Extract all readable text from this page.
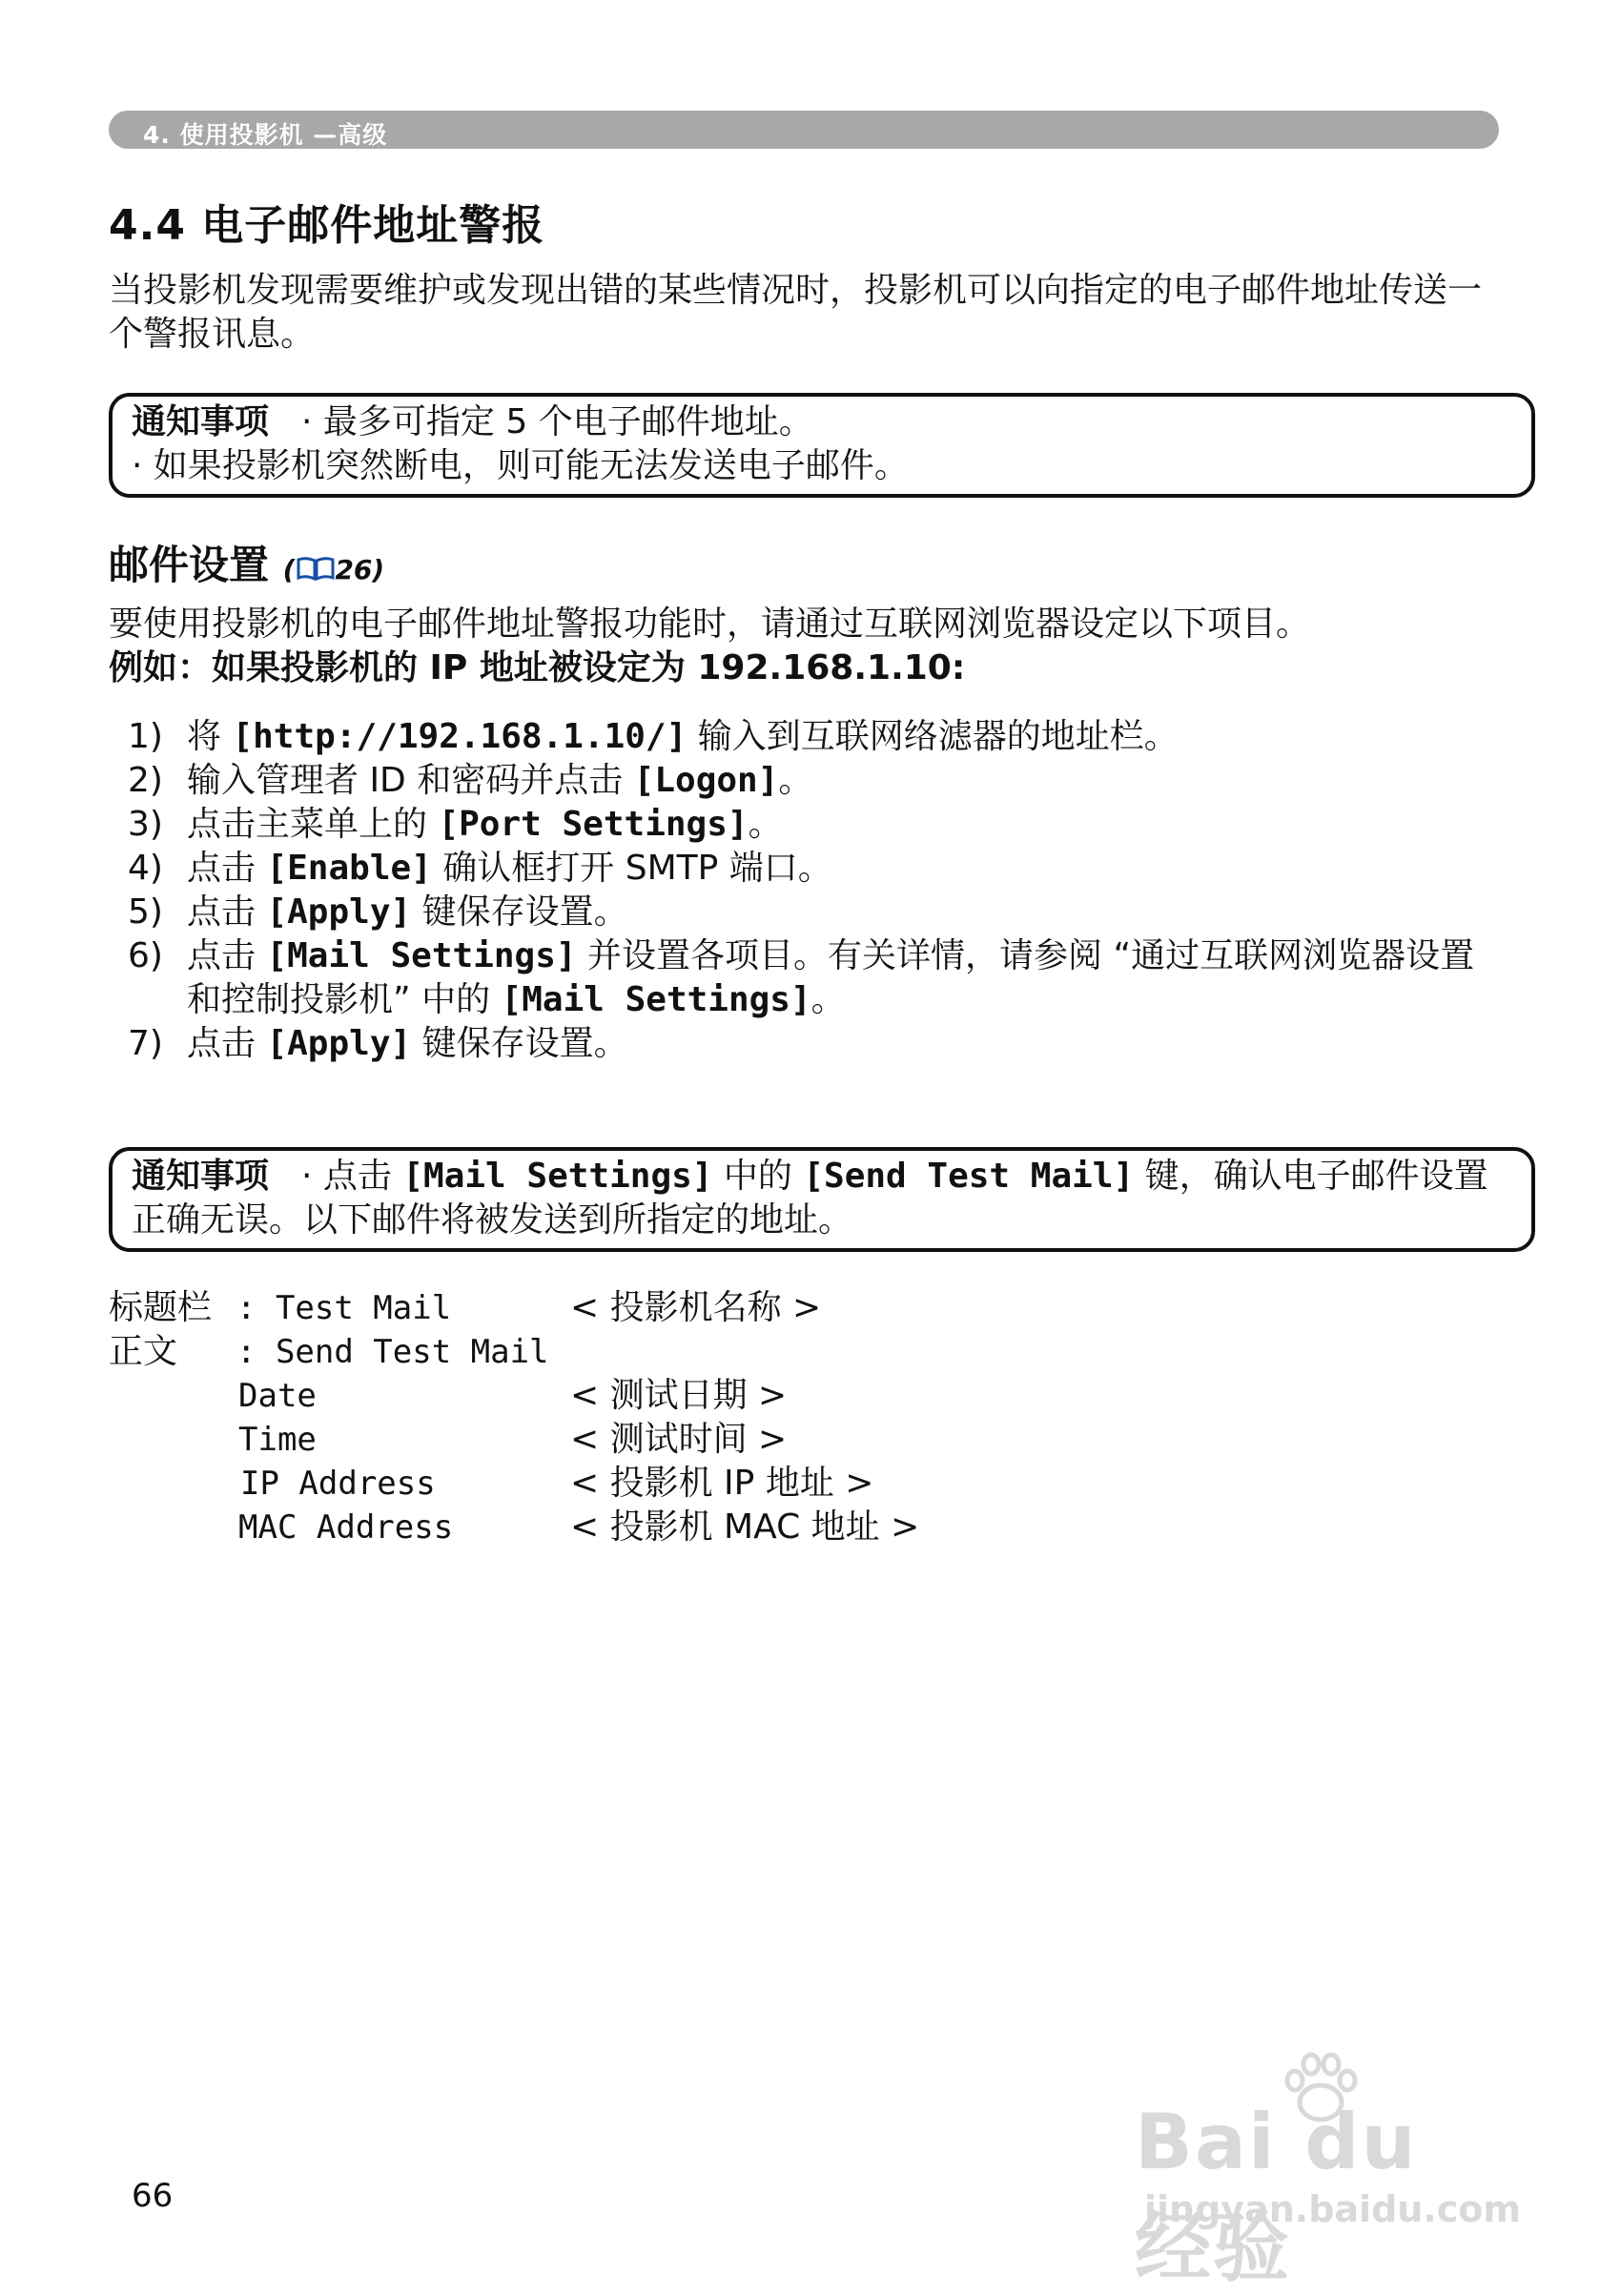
4. 使用投影机 —高级
4.4 电子邮件地址警报
当投影机发现需要维护或发现出错的某些情况时，投影机可以向指定的电子邮件地址传送一个警报讯息。
通知事项 · 最多可指定 5 个电子邮件地址。
· 如果投影机突然断电，则可能无法发送电子邮件。
邮件设置 ( 26)
要使用投影机的电子邮件地址警报功能时，请通过互联网浏览器设定以下项目。
例如：如果投影机的 IP 地址被设定为 192.168.1.10:
1) 将 [http://192.168.1.10/] 输入到互联网络滤器的地址栏。
2) 输入管理者 ID 和密码并点击 [Logon]。
3) 点击主菜单上的 [Port Settings]。
4) 点击 [Enable] 确认框打开 SMTP 端口。
5) 点击 [Apply] 键保存设置。
6) 点击 [Mail Settings] 并设置各项目。有关详情，请参阅 “通过互联网浏览器设置和控制投影机” 中的 [Mail Settings]。
7) 点击 [Apply] 键保存设置。
通知事项 · 点击 [Mail Settings] 中的 [Send Test Mail] 键，确认电子邮件设置正确无误。以下邮件将被发送到所指定的地址。
标题栏 : Test Mail	< 投影机名称 >
正文 : Send Test Mail
Date	< 测试日期 >
Time	< 测试时间 >
IP Address	< 投影机 IP 地址 >
MAC Address	< 投影机 MAC 地址 >
66
Bai du 经验
jingyan.baidu.com
